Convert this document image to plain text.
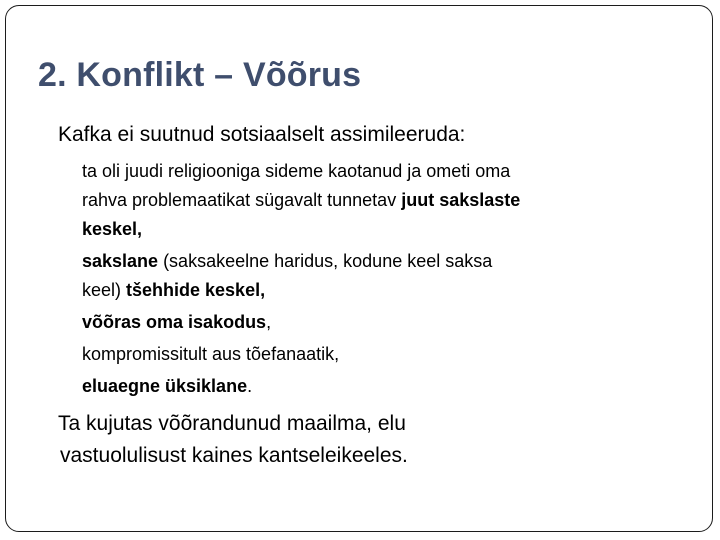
2. Konflikt – Võõrus
Kafka ei suutnud sotsiaalselt assimileeruda:
ta oli juudi religiooniga sideme kaotanud ja ometi oma
rahva problemaatikat sügavalt tunnetav juut sakslaste
keskel,
sakslane (saksakeelne haridus, kodune keel saksa
keel) tšehhide keskel,
võõras oma isakodus,
kompromissitult aus tõefanaatik,
eluaegne üksiklane.
Ta kujutas võõrandunud maailma, elu
vastuolulisust kaines kantseleikeeles.
